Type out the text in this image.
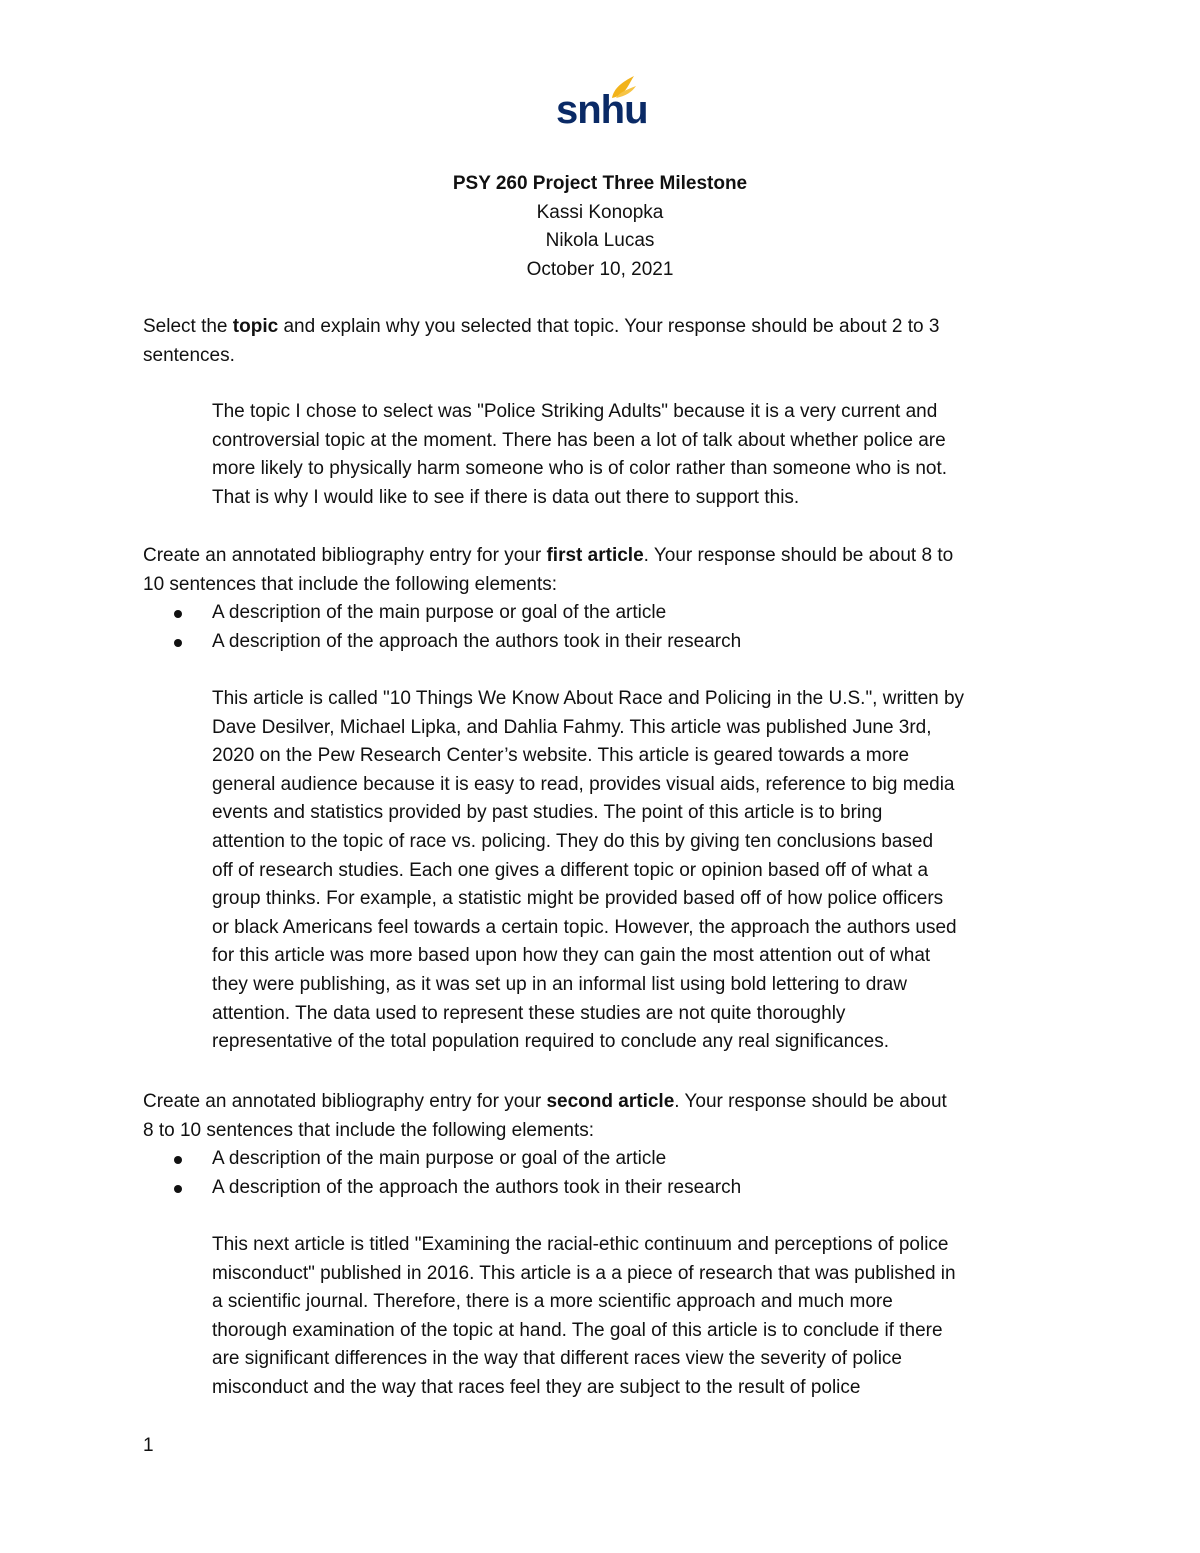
snhu
PSY 260 Project Three Milestone
Kassi Konopka
Nikola Lucas
October 10, 2021
Select the topic and explain why you selected that topic. Your response should be about 2 to 3
sentences.
The topic I chose to select was "Police Striking Adults" because it is a very current and
controversial topic at the moment. There has been a lot of talk about whether police are
more likely to physically harm someone who is of color rather than someone who is not.
That is why I would like to see if there is data out there to support this.
Create an annotated bibliography entry for your first article. Your response should be about 8 to
10 sentences that include the following elements:
A description of the main purpose or goal of the article
A description of the approach the authors took in their research
This article is called "10 Things We Know About Race and Policing in the U.S.", written by
Dave Desilver, Michael Lipka, and Dahlia Fahmy. This article was published June 3rd,
2020 on the Pew Research Center’s website. This article is geared towards a more
general audience because it is easy to read, provides visual aids, reference to big media
events and statistics provided by past studies. The point of this article is to bring
attention to the topic of race vs. policing. They do this by giving ten conclusions based
off of research studies. Each one gives a different topic or opinion based off of what a
group thinks. For example, a statistic might be provided based off of how police officers
or black Americans feel towards a certain topic. However, the approach the authors used
for this article was more based upon how they can gain the most attention out of what
they were publishing, as it was set up in an informal list using bold lettering to draw
attention. The data used to represent these studies are not quite thoroughly
representative of the total population required to conclude any real significances.
Create an annotated bibliography entry for your second article. Your response should be about
8 to 10 sentences that include the following elements:
A description of the main purpose or goal of the article
A description of the approach the authors took in their research
This next article is titled "Examining the racial-ethic continuum and perceptions of police
misconduct" published in 2016. This article is a a piece of research that was published in
a scientific journal. Therefore, there is a more scientific approach and much more
thorough examination of the topic at hand. The goal of this article is to conclude if there
are significant differences in the way that different races view the severity of police
misconduct and the way that races feel they are subject to the result of police
1
